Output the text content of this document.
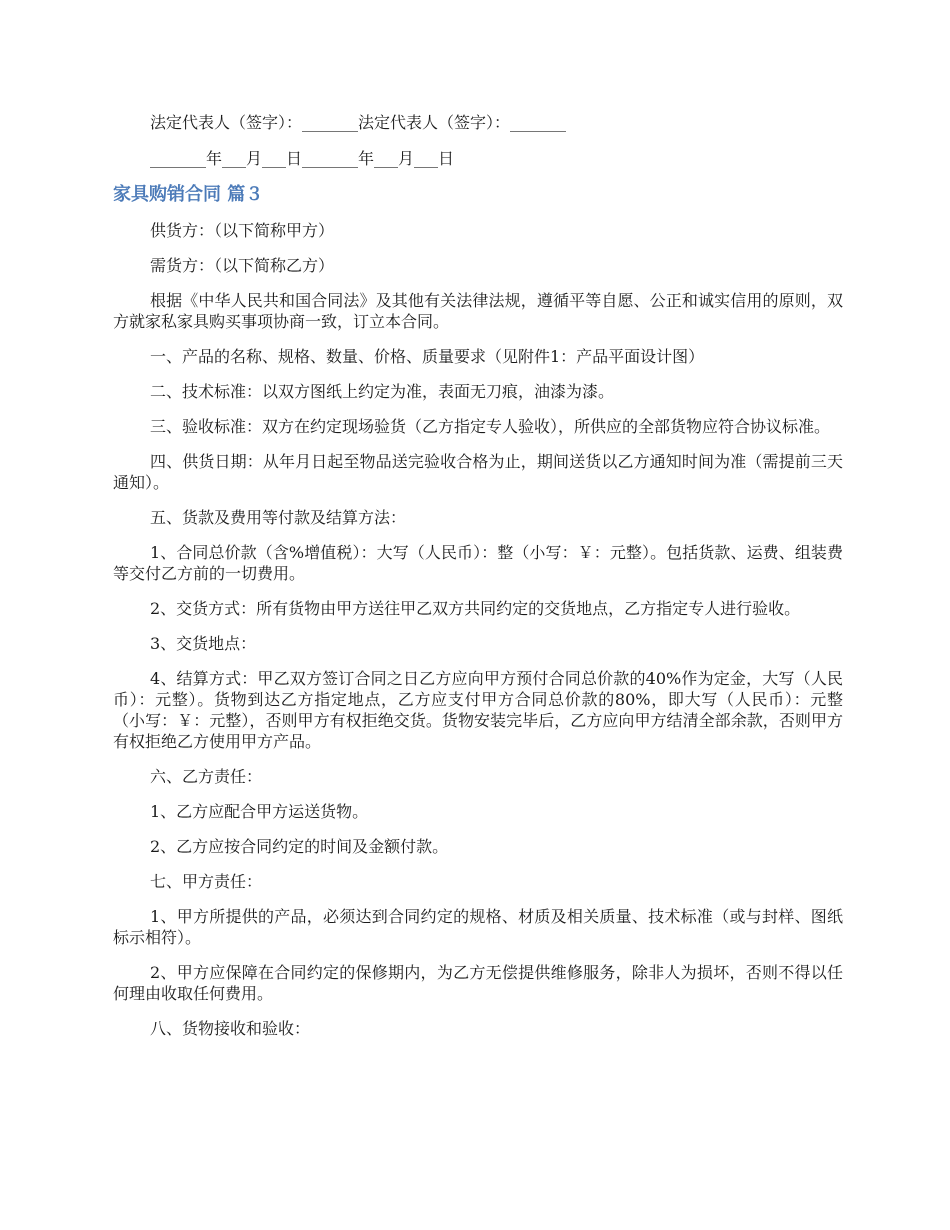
法定代表人（签字）：_______法定代表人（签字）：_______

_______年___月___日_______年___月___日

家具购销合同 篇３

供货方：（以下简称甲方）

需货方：（以下简称乙方）

根据《中华人民共和国合同法》及其他有关法律法规，遵循平等自愿、公正和诚实信用的原则，双方就家私家具购买事项协商一致，订立本合同。

一、产品的名称、规格、数量、价格、质量要求（见附件1：产品平面设计图）

二、技术标准：以双方图纸上约定为准，表面无刀痕，油漆为漆。

三、验收标准：双方在约定现场验货（乙方指定专人验收），所供应的全部货物应符合协议标准。

四、供货日期：从年月日起至物品送完验收合格为止，期间送货以乙方通知时间为准（需提前三天通知）。

五、货款及费用等付款及结算方法：

1、合同总价款（含%增值税）：大写（人民币）：整（小写：￥：元整）。包括货款、运费、组装费等交付乙方前的一切费用。

2、交货方式：所有货物由甲方送往甲乙双方共同约定的交货地点，乙方指定专人进行验收。

3、交货地点：

4、结算方式：甲乙双方签订合同之日乙方应向甲方预付合同总价款的40%作为定金，大写（人民币）：元整）。货物到达乙方指定地点，乙方应支付甲方合同总价款的80%，即大写（人民币）：元整（小写：￥：元整），否则甲方有权拒绝交货。货物安装完毕后，乙方应向甲方结清全部余款，否则甲方有权拒绝乙方使用甲方产品。

六、乙方责任：

1、乙方应配合甲方运送货物。

2、乙方应按合同约定的时间及金额付款。

七、甲方责任：

1、甲方所提供的产品，必须达到合同约定的规格、材质及相关质量、技术标准（或与封样、图纸标示相符）。

2、甲方应保障在合同约定的保修期内，为乙方无偿提供维修服务，除非人为损坏，否则不得以任何理由收取任何费用。

八、货物接收和验收：
